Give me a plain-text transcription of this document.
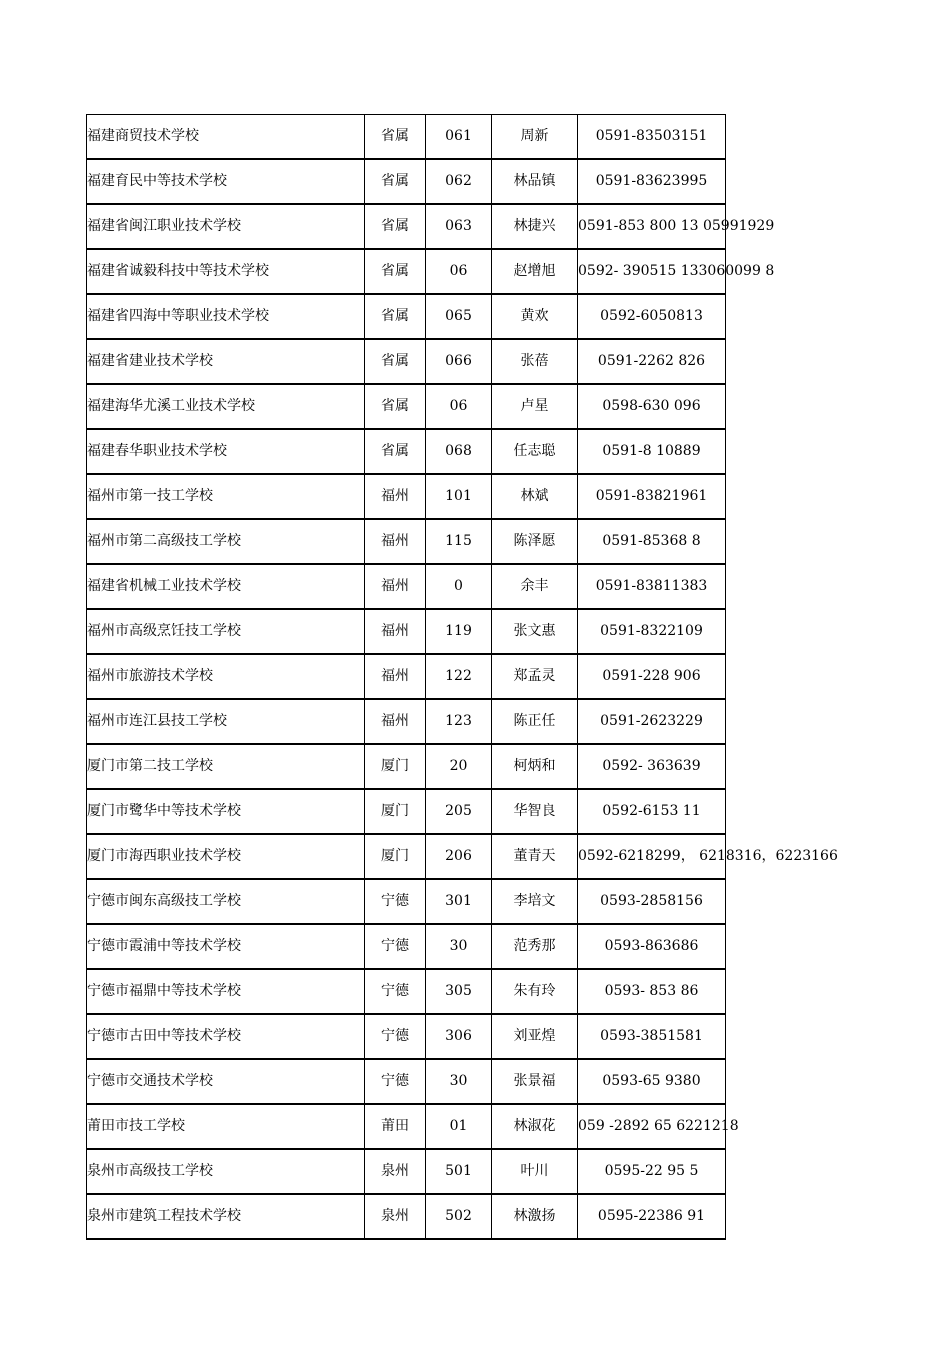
福建商贸技术学校	省属	061	周新	0591-83503151
福建育民中等技术学校	省属	062	林品镇	0591-83623995
福建省闽江职业技术学校	省属	063	林捷兴	0591-853 800 13 05991929
福建省诚毅科技中等技术学校	省属	06	赵增旭	0592- 390515 133060099 8
福建省四海中等职业技术学校	省属	065	黄欢	0592-6050813
福建省建业技术学校	省属	066	张蓓	0591-2262 826
福建海华尤溪工业技术学校	省属	06	卢星	0598-630 096
福建春华职业技术学校	省属	068	任志聪	0591-8 10889
福州市第一技工学校	福州	101	林斌	0591-83821961
福州市第二高级技工学校	福州	115	陈泽愿	0591-85368 8
福建省机械工业技术学校	福州	0	余丰	0591-83811383
福州市高级烹饪技工学校	福州	119	张文惠	0591-8322109
福州市旅游技术学校	福州	122	郑孟灵	0591-228 906
福州市连江县技工学校	福州	123	陈正任	0591-2623229
厦门市第二技工学校	厦门	20	柯炳和	0592- 363639
厦门市鹭华中等技术学校	厦门	205	华智良	0592-6153 11
厦门市海西职业技术学校	厦门	206	董青天	0592-6218299， 6218316，6223166
宁德市闽东高级技工学校	宁德	301	李培文	0593-2858156
宁德市霞浦中等技术学校	宁德	30	范秀那	0593-863686
宁德市福鼎中等技术学校	宁德	305	朱有玲	0593- 853 86
宁德市古田中等技术学校	宁德	306	刘亚煌	0593-3851581
宁德市交通技术学校	宁德	30	张景福	0593-65 9380
莆田市技工学校	莆田	01	林淑花	059 -2892 65 6221218
泉州市高级技工学校	泉州	501	叶川	0595-22 95 5
泉州市建筑工程技术学校	泉州	502	林激扬	0595-22386 91
